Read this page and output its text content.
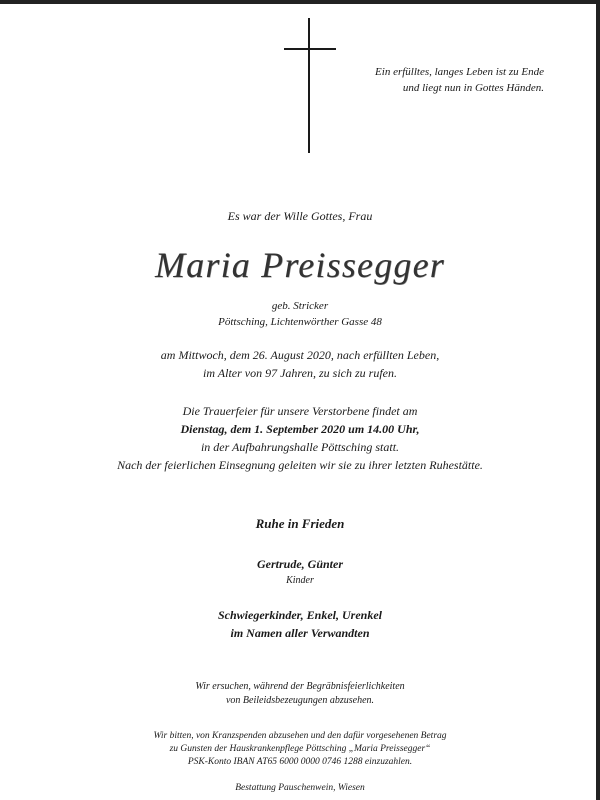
Ein erfülltes, langes Leben ist zu Ende
und liegt nun in Gottes Händen.

Es war der Wille Gottes, Frau

Maria Preissegger
geb. Stricker
Pöttsching, Lichtenwörther Gasse 48
am Mittwoch, dem 26. August 2020, nach erfüllten Leben,
im Alter von 97 Jahren, zu sich zu rufen.
Die Trauerfeier für unsere Verstorbene findet am
Dienstag, dem 1. September 2020 um 14.00 Uhr,
in der Aufbahrungshalle Pöttsching statt.
Nach der feierlichen Einsegnung geleiten wir sie zu ihrer letzten Ruhestätte.

Ruhe in Frieden

Gertrude, Günter
Kinder
Schwiegerkinder, Enkel, Urenkel
im Namen aller Verwandten
Wir ersuchen, während der Begräbnisfeierlichkeiten
von Beileidsbezeugungen abzusehen.
Wir bitten, von Kranzspenden abzusehen und den dafür vorgesehenen Betrag
zu Gunsten der Hauskrankenpflege Pöttsching „Maria Preissegger“
PSK-Konto IBAN AT65 6000 0000 0746 1288 einzuzahlen.

Bestattung Pauschenwein, Wiesen
